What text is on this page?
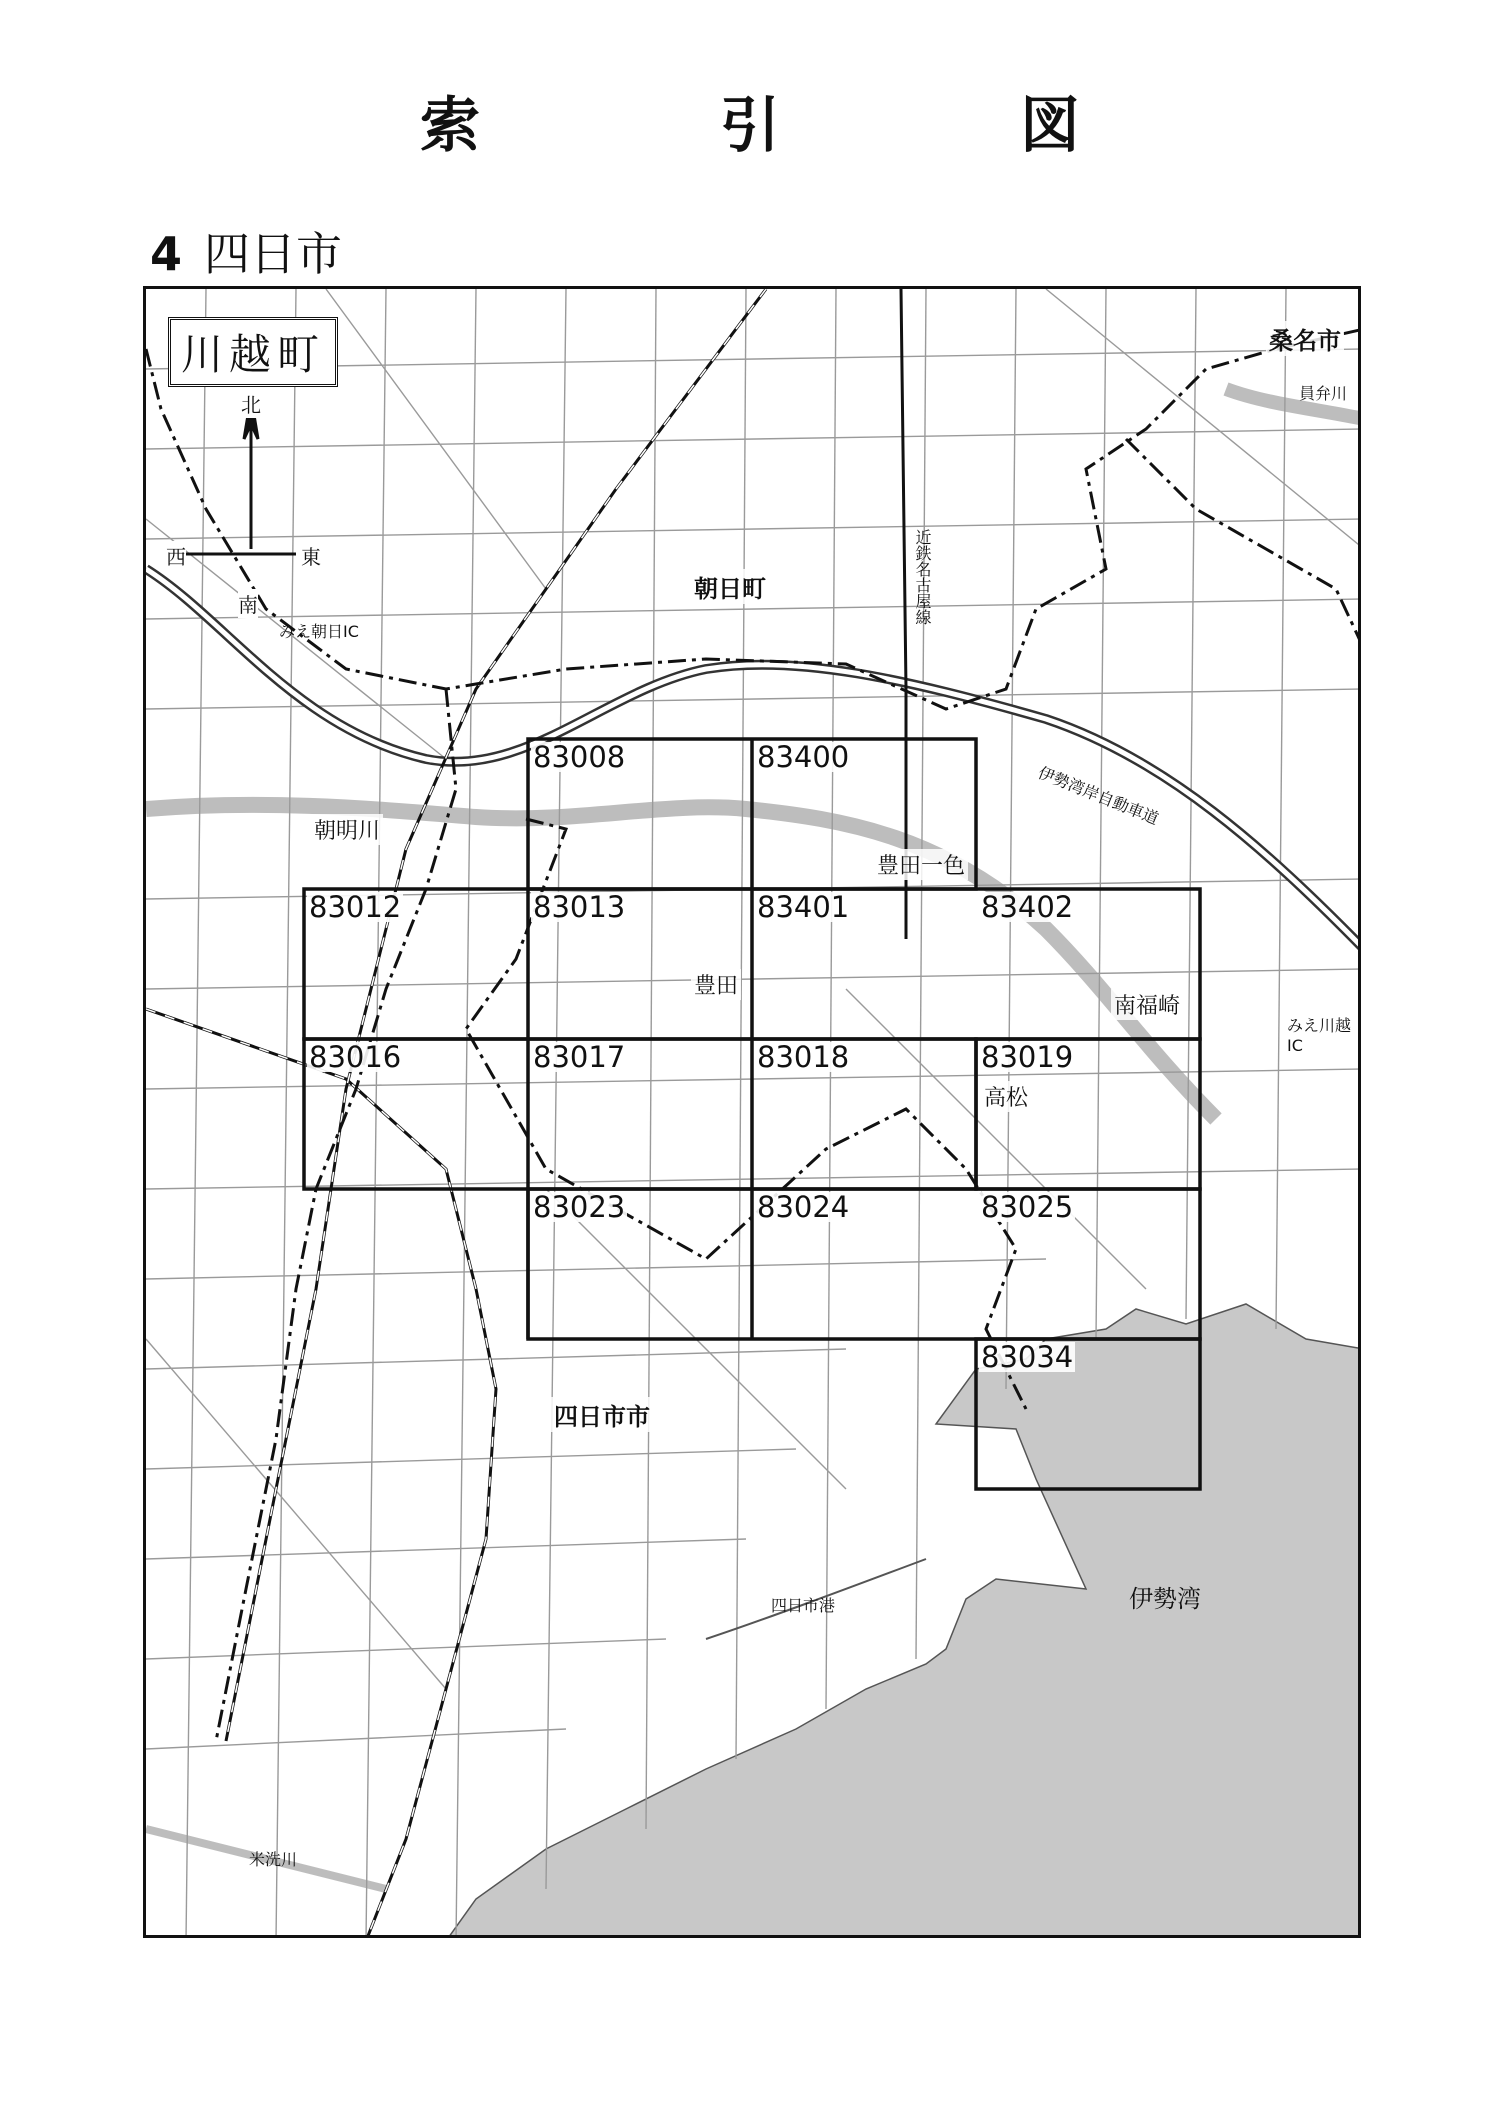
索　引　図
4 四日市
川越町
北
東
西
南
桑名市
朝日町
四日市市
豊田
豊田一色
南福崎
高松
伊勢湾
四日市港
朝明川
米洗川
員弁川
伊勢湾岸自動車道
近鉄名古屋線
みえ朝日IC
みえ川越IC
83008	83400
83012	83013	83401	83402
83016	83017	83018	83019
83023	83024	83025
83034
